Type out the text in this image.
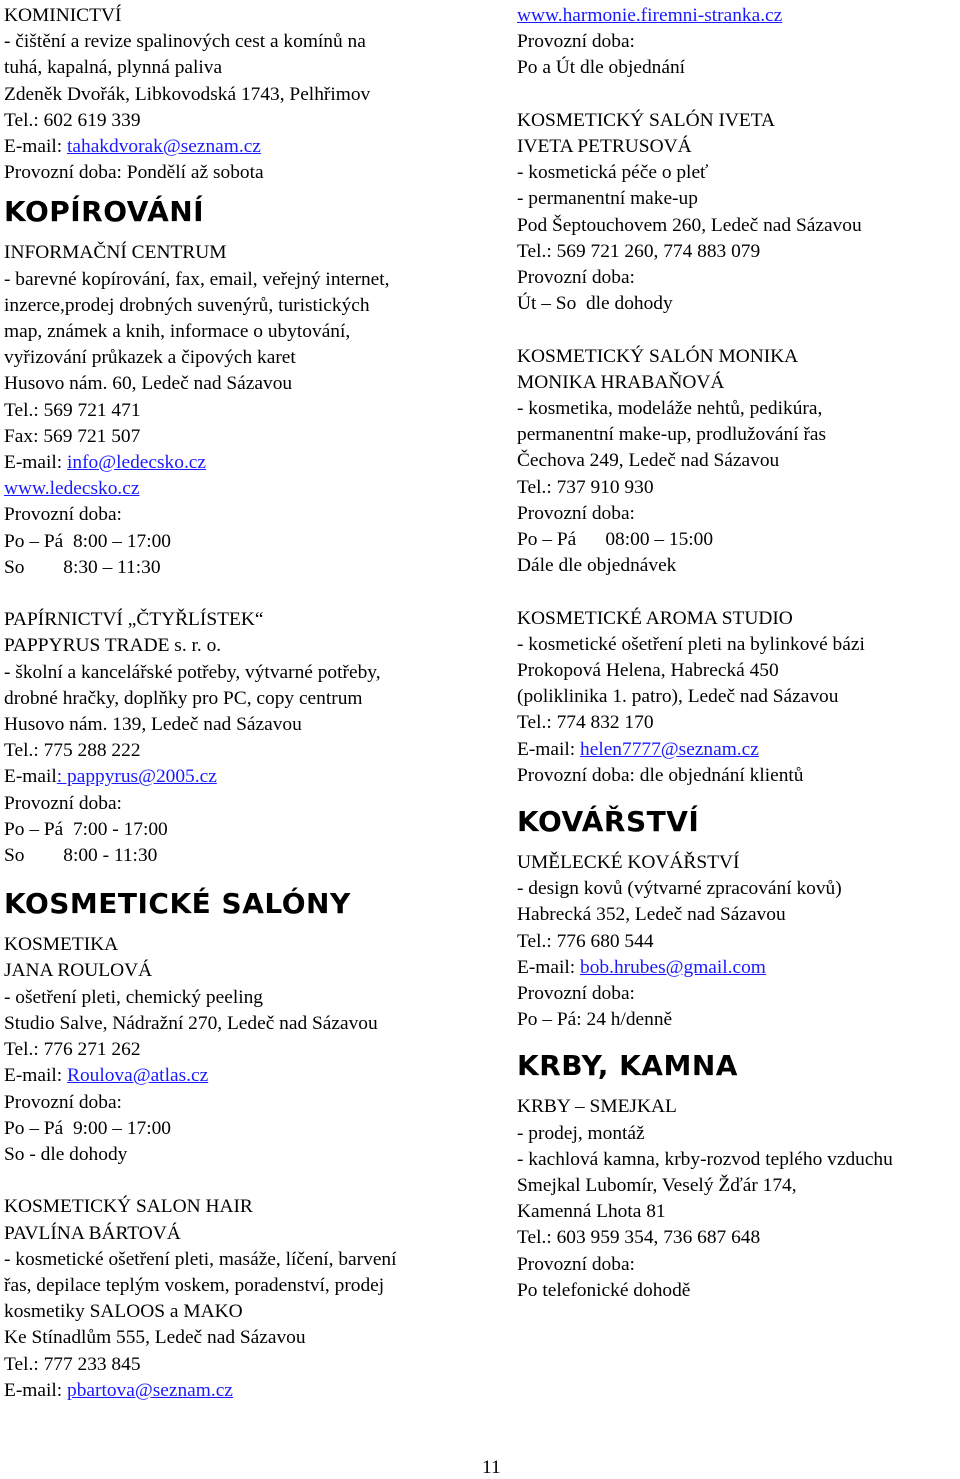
KOMINICTVÍ
- čištění a revize spalinových cest a komínů na
tuhá, kapalná, plynná paliva
Zdeněk Dvořák, Libkovodská 1743, Pelhřimov
Tel.: 602 619 339
E-mail: tahakdvorak@seznam.cz
Provozní doba: Pondělí až sobota
KOPÍROVÁNÍ
INFORMAČNÍ CENTRUM
- barevné kopírování, fax, email, veřejný internet,
inzerce,prodej drobných suvenýrů, turistických
map, známek a knih, informace o ubytování,
vyřizování průkazek a čipových karet
Husovo nám. 60, Ledeč nad Sázavou
Tel.: 569 721 471
Fax: 569 721 507
E-mail: info@ledecsko.cz
www.ledecsko.cz
Provozní doba:
Po – Pá  8:00 – 17:00
So        8:30 – 11:30
PAPÍRNICTVÍ „ČTYŘLÍSTEK“
PAPPYRUS TRADE s. r. o.
- školní a kancelářské potřeby, výtvarné potřeby,
drobné hračky, doplňky pro PC, copy centrum
Husovo nám. 139, Ledeč nad Sázavou
Tel.: 775 288 222
E-mail: pappyrus@2005.cz
Provozní doba:
Po – Pá  7:00 - 17:00
So        8:00 - 11:30
KOSMETICKÉ SALÓNY
KOSMETIKA
JANA ROULOVÁ
- ošetření pleti, chemický peeling
Studio Salve, Nádražní 270, Ledeč nad Sázavou
Tel.: 776 271 262
E-mail: Roulova@atlas.cz
Provozní doba:
Po – Pá  9:00 – 17:00
So - dle dohody
KOSMETICKÝ SALON HAIR
PAVLÍNA BÁRTOVÁ
- kosmetické ošetření pleti, masáže, líčení, barvení
řas, depilace teplým voskem, poradenství, prodej
kosmetiky SALOOS a MAKO
Ke Stínadlům 555, Ledeč nad Sázavou
Tel.: 777 233 845
E-mail: pbartova@seznam.cz
www.harmonie.firemni-stranka.cz
Provozní doba:
Po a Út dle objednání
KOSMETICKÝ SALÓN IVETA
IVETA PETRUSOVÁ
- kosmetická péče o pleť
- permanentní make-up
Pod Šeptouchovem 260, Ledeč nad Sázavou
Tel.: 569 721 260, 774 883 079
Provozní doba:
Út – So  dle dohody
KOSMETICKÝ SALÓN MONIKA
MONIKA HRABAŇOVÁ
- kosmetika, modeláže nehtů, pedikúra,
permanentní make-up, prodlužování řas
Čechova 249, Ledeč nad Sázavou
Tel.: 737 910 930
Provozní doba:
Po – Pá      08:00 – 15:00
Dále dle objednávek
KOSMETICKÉ AROMA STUDIO
- kosmetické ošetření pleti na bylinkové bázi
Prokopová Helena, Habrecká 450
(poliklinika 1. patro), Ledeč nad Sázavou
Tel.: 774 832 170
E-mail: helen7777@seznam.cz
Provozní doba: dle objednání klientů
KOVÁŘSTVÍ
UMĚLECKÉ KOVÁŘSTVÍ
- design kovů (výtvarné zpracování kovů)
Habrecká 352, Ledeč nad Sázavou
Tel.: 776 680 544
E-mail: bob.hrubes@gmail.com
Provozní doba:
Po – Pá: 24 h/denně
KRBY, KAMNA
KRBY – SMEJKAL
- prodej, montáž
- kachlová kamna, krby-rozvod teplého vzduchu
Smejkal Lubomír, Veselý Žďár 174,
Kamenná Lhota 81
Tel.: 603 959 354, 736 687 648
Provozní doba:
Po telefonické dohodě
11
